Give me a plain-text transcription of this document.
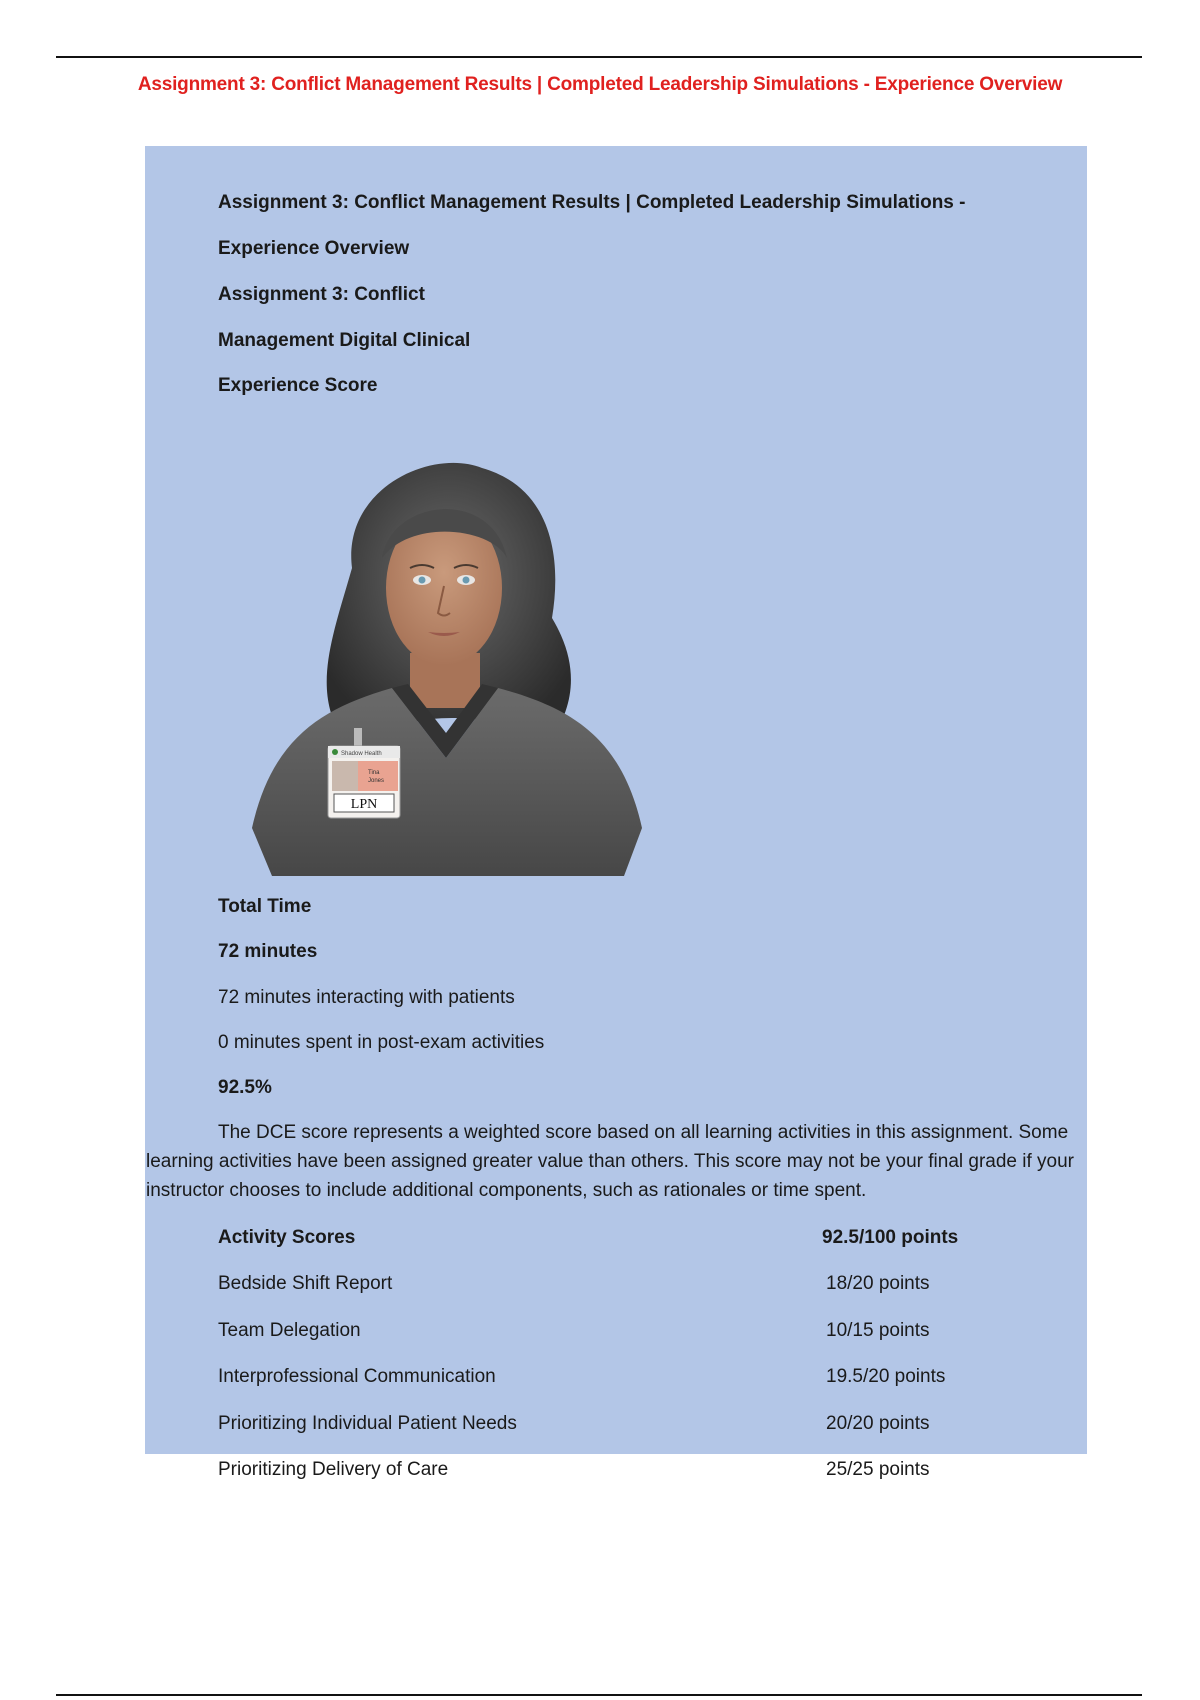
Assignment 3: Conflict Management Results | Completed Leadership Simulations - Experience Overview
Assignment 3: Conflict Management Results | Completed Leadership Simulations -
Experience Overview
Assignment 3: Conflict
Management Digital Clinical
Experience Score
Shadow Health
Tina
Jones
LPN
Total Time
72 minutes
72 minutes interacting with patients
0 minutes spent in post-exam activities
92.5%
The DCE score represents a weighted score based on all learning activities in this assignment. Some learning activities have been assigned greater value than others. This score may not be your final grade if your instructor chooses to include additional components, such as rationales or time spent.
Activity Scores	92.5/100 points
Bedside Shift Report	18/20 points
Team Delegation	10/15 points
Interprofessional Communication	19.5/20 points
Prioritizing Individual Patient Needs	20/20 points
Prioritizing Delivery of Care	25/25 points
